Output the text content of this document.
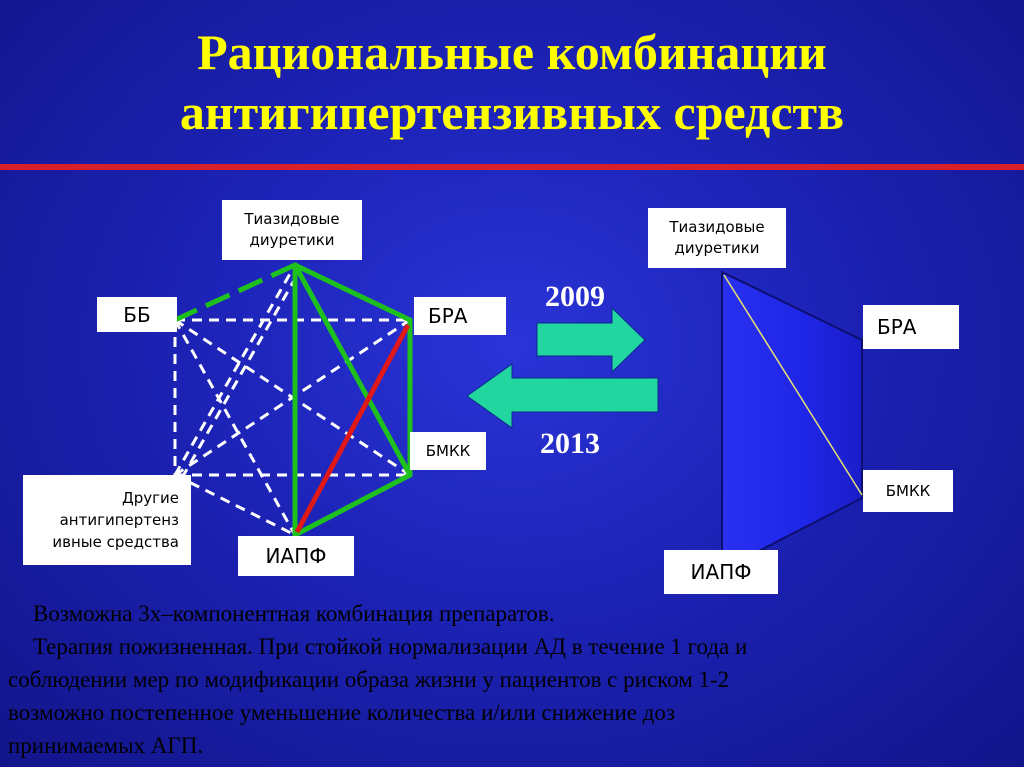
Рациональные комбинации
антигипертензивных средств
Тиазидовые
диуретики
ББ	БРА
БМКК
ИАПФ
Другие
антигипертенз
ивные средства
2009
2013
Тиазидовые
диуретики
БРА
БМКК
ИАПФ
Возможна 3х–компонентная комбинация препаратов.
Терапия пожизненная. При стойкой нормализации АД в течение 1 года и
соблюдении мер по модификации образа жизни у пациентов с риском 1-2
возможно постепенное уменьшение количества и/или снижение доз
принимаемых АГП.
